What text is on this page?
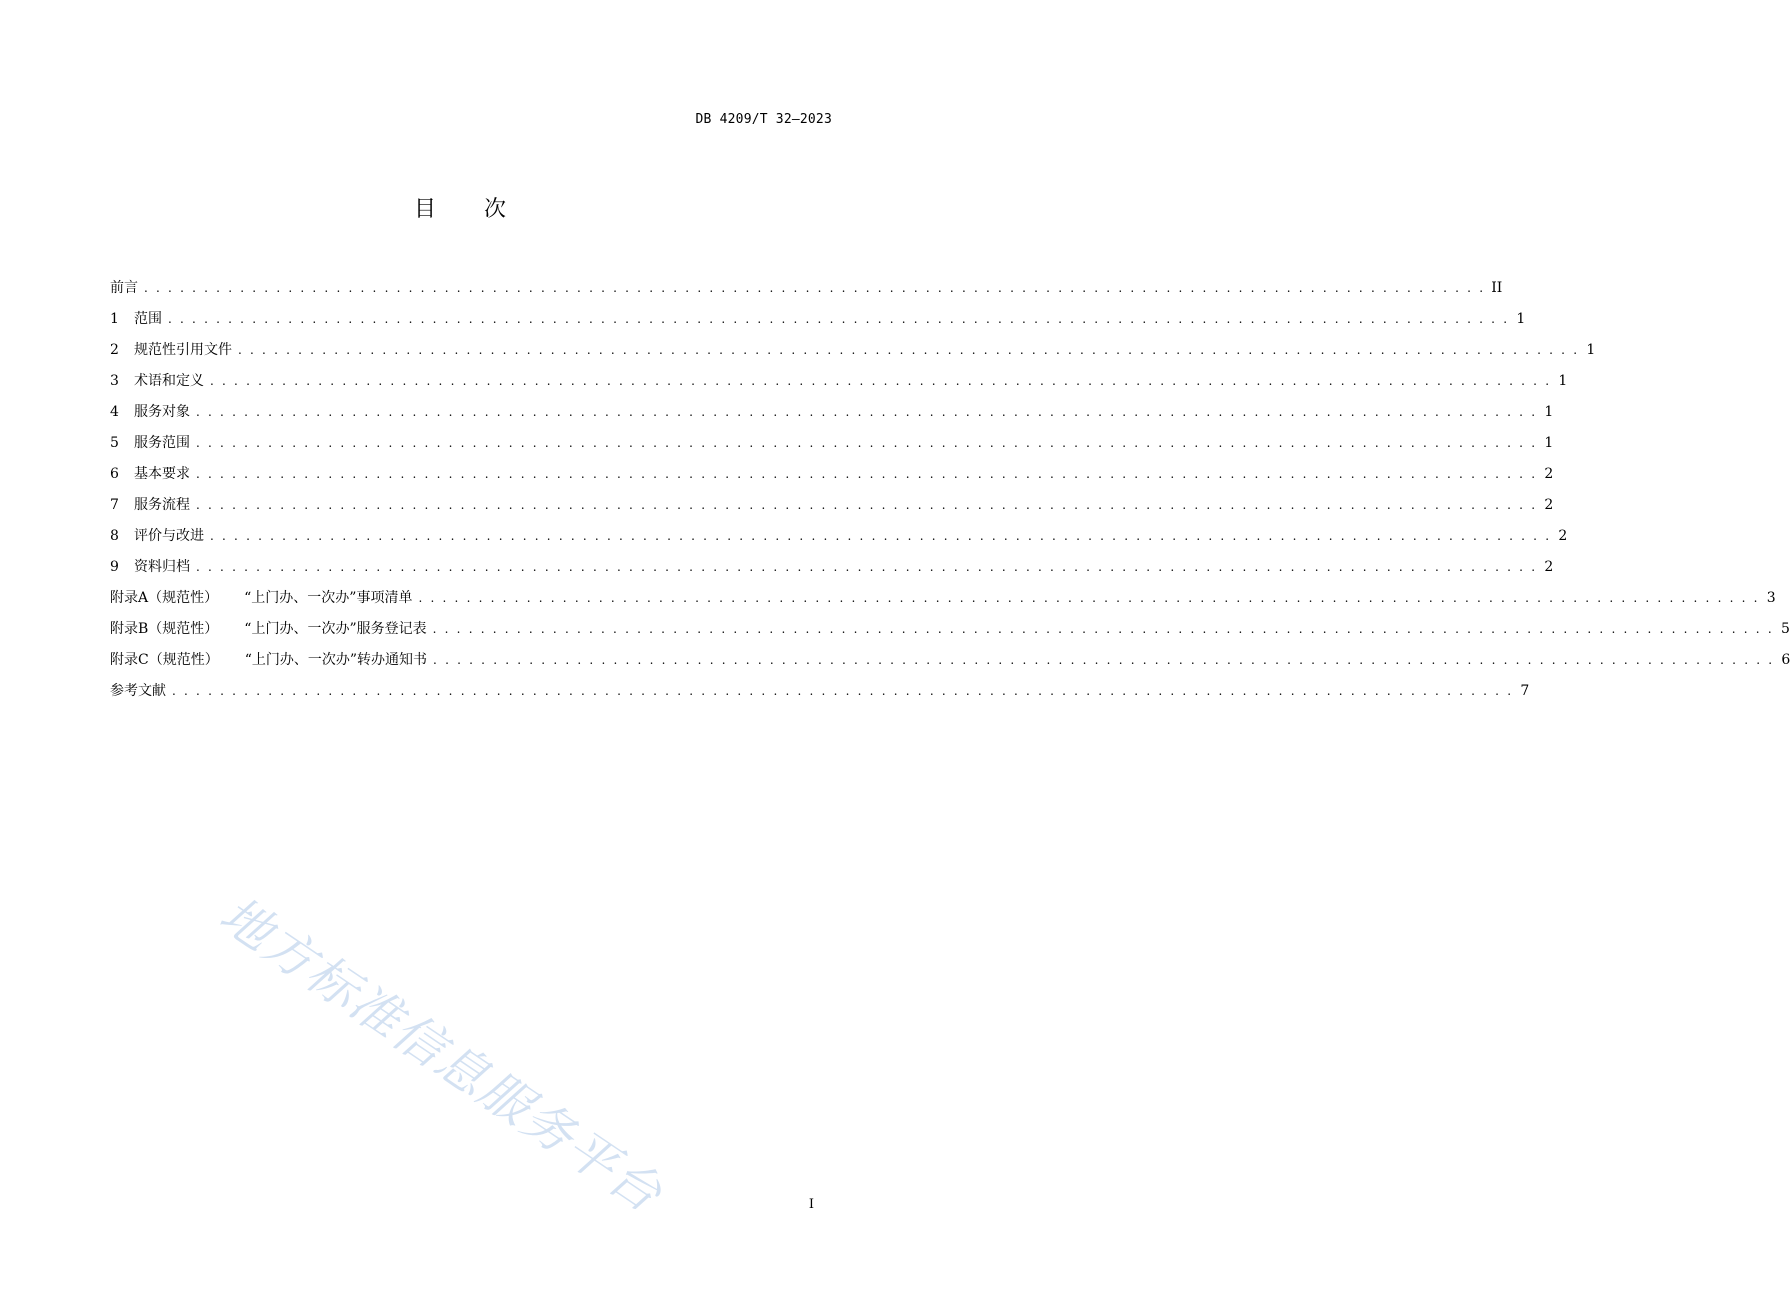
DB 4209/T 32—2023
目 次
前言 . . . . . . . . . . . . . . . . . . . . . . . . . . . . . . . . . . . . . . . . . . . . . . . . . . . . . . . . . . . . . . . . . . . . . . . . . . . . . . . . . . . . . . . . . . . . . . . . . . . . . . . . . . . . . . . . II
1	范围 . . . . . . . . . . . . . . . . . . . . . . . . . . . . . . . . . . . . . . . . . . . . . . . . . . . . . . . . . . . . . . . . . . . . . . . . . . . . . . . . . . . . . . . . . . . . . . . . . . . . . . . . . . . . . . . . 1
2	规范性引用文件 . . . . . . . . . . . . . . . . . . . . . . . . . . . . . . . . . . . . . . . . . . . . . . . . . . . . . . . . . . . . . . . . . . . . . . . . . . . . . . . . . . . . . . . . . . . . . . . . . . . . . . . . . . . . . . . . 1
3	术语和定义 . . . . . . . . . . . . . . . . . . . . . . . . . . . . . . . . . . . . . . . . . . . . . . . . . . . . . . . . . . . . . . . . . . . . . . . . . . . . . . . . . . . . . . . . . . . . . . . . . . . . . . . . . . . . . . . . 1
4	服务对象 . . . . . . . . . . . . . . . . . . . . . . . . . . . . . . . . . . . . . . . . . . . . . . . . . . . . . . . . . . . . . . . . . . . . . . . . . . . . . . . . . . . . . . . . . . . . . . . . . . . . . . . . . . . . . . . . 1
5	服务范围 . . . . . . . . . . . . . . . . . . . . . . . . . . . . . . . . . . . . . . . . . . . . . . . . . . . . . . . . . . . . . . . . . . . . . . . . . . . . . . . . . . . . . . . . . . . . . . . . . . . . . . . . . . . . . . . . 1
6	基本要求 . . . . . . . . . . . . . . . . . . . . . . . . . . . . . . . . . . . . . . . . . . . . . . . . . . . . . . . . . . . . . . . . . . . . . . . . . . . . . . . . . . . . . . . . . . . . . . . . . . . . . . . . . . . . . . . . 2
7	服务流程 . . . . . . . . . . . . . . . . . . . . . . . . . . . . . . . . . . . . . . . . . . . . . . . . . . . . . . . . . . . . . . . . . . . . . . . . . . . . . . . . . . . . . . . . . . . . . . . . . . . . . . . . . . . . . . . . 2
8	评价与改进 . . . . . . . . . . . . . . . . . . . . . . . . . . . . . . . . . . . . . . . . . . . . . . . . . . . . . . . . . . . . . . . . . . . . . . . . . . . . . . . . . . . . . . . . . . . . . . . . . . . . . . . . . . . . . . . . 2
9	资料归档 . . . . . . . . . . . . . . . . . . . . . . . . . . . . . . . . . . . . . . . . . . . . . . . . . . . . . . . . . . . . . . . . . . . . . . . . . . . . . . . . . . . . . . . . . . . . . . . . . . . . . . . . . . . . . . . . 2
附录A（规范性） “上门办、一次办”事项清单 . . . . . . . . . . . . . . . . . . . . . . . . . . . . . . . . . . . . . . . . . . . . . . . . . . . . . . . . . . . . . . . . . . . . . . . . . . . . . . . . . . . . . . . . . . . . . . . . . . . . . . . . . . . . . . . . 3
附录B（规范性） “上门办、一次办”服务登记表 . . . . . . . . . . . . . . . . . . . . . . . . . . . . . . . . . . . . . . . . . . . . . . . . . . . . . . . . . . . . . . . . . . . . . . . . . . . . . . . . . . . . . . . . . . . . . . . . . . . . . . . . . . . . . . . . 5
附录C（规范性） “上门办、一次办”转办通知书 . . . . . . . . . . . . . . . . . . . . . . . . . . . . . . . . . . . . . . . . . . . . . . . . . . . . . . . . . . . . . . . . . . . . . . . . . . . . . . . . . . . . . . . . . . . . . . . . . . . . . . . . . . . . . . . . 6
参考文献 . . . . . . . . . . . . . . . . . . . . . . . . . . . . . . . . . . . . . . . . . . . . . . . . . . . . . . . . . . . . . . . . . . . . . . . . . . . . . . . . . . . . . . . . . . . . . . . . . . . . . . . . . . . . . . . . 7
地方标准信息服务平台	I
